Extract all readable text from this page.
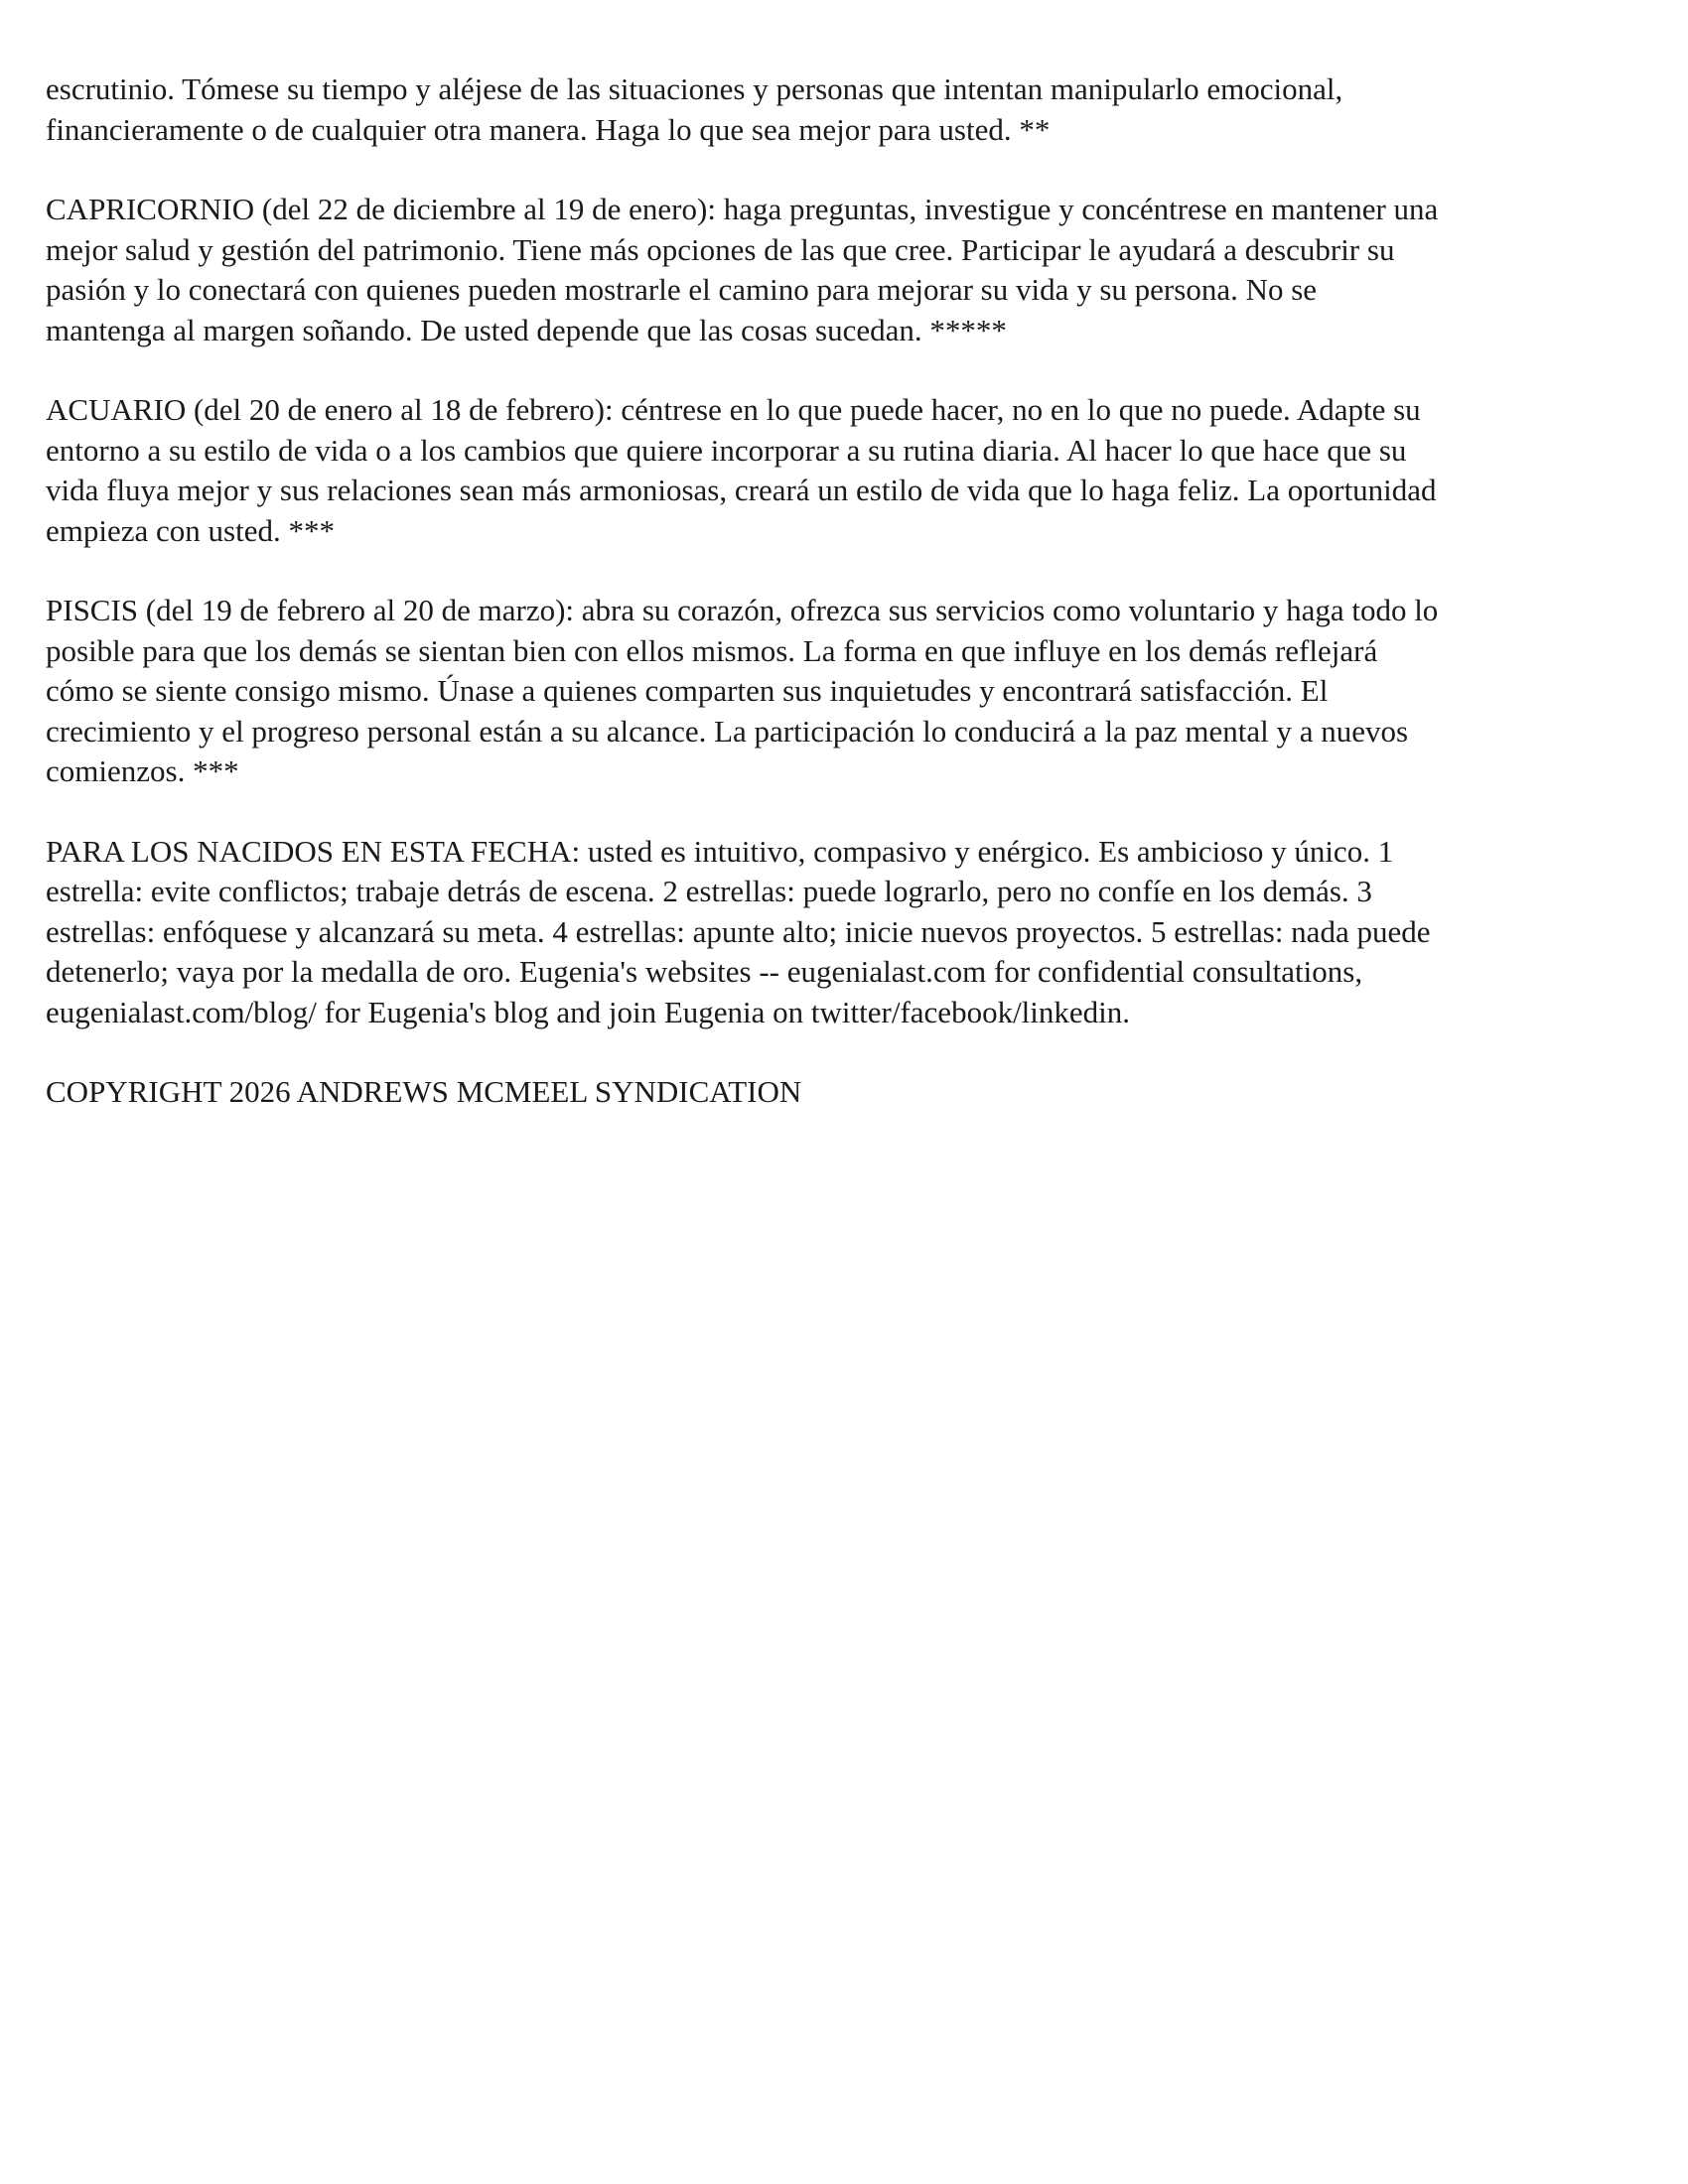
escrutinio. Tómese su tiempo y aléjese de las situaciones y personas que intentan manipularlo emocional,
financieramente o de cualquier otra manera. Haga lo que sea mejor para usted. **

CAPRICORNIO (del 22 de diciembre al 19 de enero): haga preguntas, investigue y concéntrese en mantener una
mejor salud y gestión del patrimonio. Tiene más opciones de las que cree. Participar le ayudará a descubrir su
pasión y lo conectará con quienes pueden mostrarle el camino para mejorar su vida y su persona. No se
mantenga al margen soñando. De usted depende que las cosas sucedan. *****

ACUARIO (del 20 de enero al 18 de febrero): céntrese en lo que puede hacer, no en lo que no puede. Adapte su
entorno a su estilo de vida o a los cambios que quiere incorporar a su rutina diaria. Al hacer lo que hace que su
vida fluya mejor y sus relaciones sean más armoniosas, creará un estilo de vida que lo haga feliz. La oportunidad
empieza con usted. ***

PISCIS (del 19 de febrero al 20 de marzo): abra su corazón, ofrezca sus servicios como voluntario y haga todo lo
posible para que los demás se sientan bien con ellos mismos. La forma en que influye en los demás reflejará
cómo se siente consigo mismo. Únase a quienes comparten sus inquietudes y encontrará satisfacción. El
crecimiento y el progreso personal están a su alcance. La participación lo conducirá a la paz mental y a nuevos
comienzos. ***

PARA LOS NACIDOS EN ESTA FECHA: usted es intuitivo, compasivo y enérgico. Es ambicioso y único. 1
estrella: evite conflictos; trabaje detrás de escena. 2 estrellas: puede lograrlo, pero no confíe en los demás. 3
estrellas: enfóquese y alcanzará su meta. 4 estrellas: apunte alto; inicie nuevos proyectos. 5 estrellas: nada puede
detenerlo; vaya por la medalla de oro. Eugenia's websites -- eugenialast.com for confidential consultations,
eugenialast.com/blog/ for Eugenia's blog and join Eugenia on twitter/facebook/linkedin.

COPYRIGHT 2026 ANDREWS MCMEEL SYNDICATION
